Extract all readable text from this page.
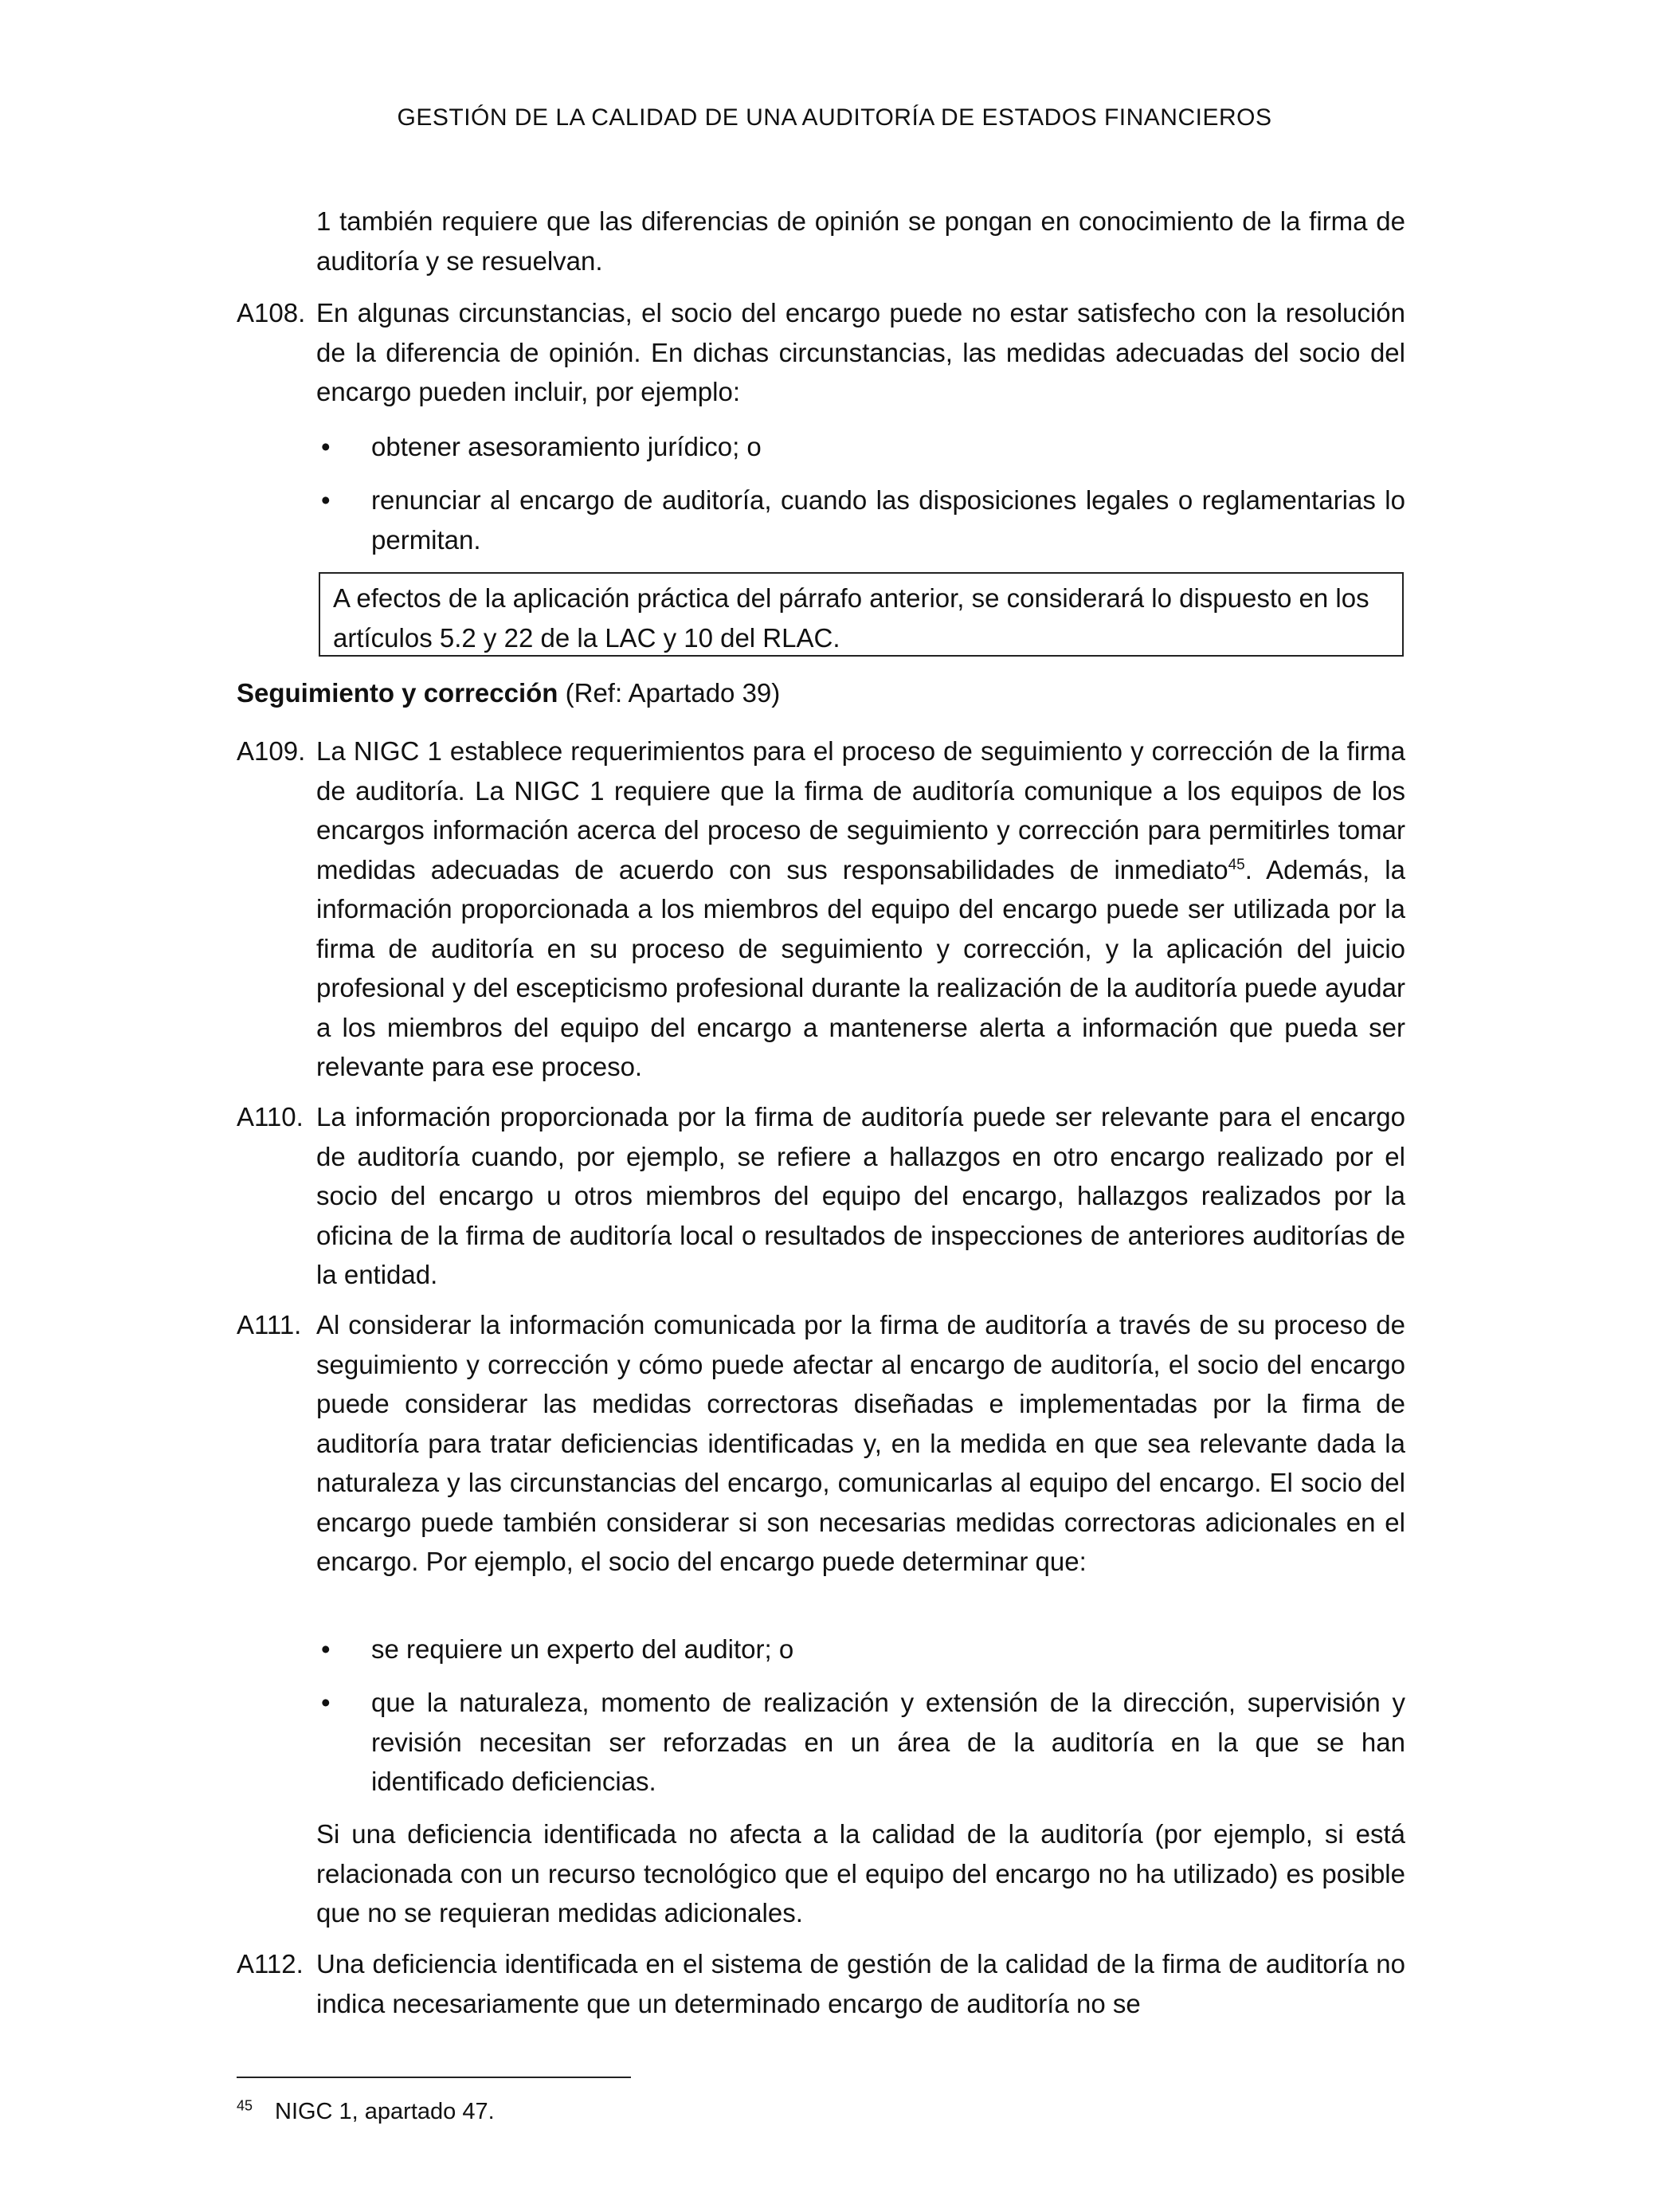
GESTIÓN DE LA CALIDAD DE UNA AUDITORÍA DE ESTADOS FINANCIEROS

1 también requiere que las diferencias de opinión se pongan en conocimiento de la firma de auditoría y se resuelvan.

A108. En algunas circunstancias, el socio del encargo puede no estar satisfecho con la resolución de la diferencia de opinión. En dichas circunstancias, las medidas adecuadas del socio del encargo pueden incluir, por ejemplo:

• obtener asesoramiento jurídico; o

• renunciar al encargo de auditoría, cuando las disposiciones legales o reglamentarias lo permitan.

A efectos de la aplicación práctica del párrafo anterior, se considerará lo dispuesto en los artículos 5.2 y 22 de la LAC y 10 del RLAC.

Seguimiento y corrección (Ref: Apartado 39)

A109. La NIGC 1 establece requerimientos para el proceso de seguimiento y corrección de la firma de auditoría. La NIGC 1 requiere que la firma de auditoría comunique a los equipos de los encargos información acerca del proceso de seguimiento y corrección para permitirles tomar medidas adecuadas de acuerdo con sus responsabilidades de inmediato$^{45}$. Además, la información proporcionada a los miembros del equipo del encargo puede ser utilizada por la firma de auditoría en su proceso de seguimiento y corrección, y la aplicación del juicio profesional y del escepticismo profesional durante la realización de la auditoría puede ayudar a los miembros del equipo del encargo a mantenerse alerta a información que pueda ser relevante para ese proceso.

A110. La información proporcionada por la firma de auditoría puede ser relevante para el encargo de auditoría cuando, por ejemplo, se refiere a hallazgos en otro encargo realizado por el socio del encargo u otros miembros del equipo del encargo, hallazgos realizados por la oficina de la firma de auditoría local o resultados de inspecciones de anteriores auditorías de la entidad.

A111. Al considerar la información comunicada por la firma de auditoría a través de su proceso de seguimiento y corrección y cómo puede afectar al encargo de auditoría, el socio del encargo puede considerar las medidas correctoras diseñadas e implementadas por la firma de auditoría para tratar deficiencias identificadas y, en la medida en que sea relevante dada la naturaleza y las circunstancias del encargo, comunicarlas al equipo del encargo. El socio del encargo puede también considerar si son necesarias medidas correctoras adicionales en el encargo. Por ejemplo, el socio del encargo puede determinar que:

• se requiere un experto del auditor; o

• que la naturaleza, momento de realización y extensión de la dirección, supervisión y revisión necesitan ser reforzadas en un área de la auditoría en la que se han identificado deficiencias.

Si una deficiencia identificada no afecta a la calidad de la auditoría (por ejemplo, si está relacionada con un recurso tecnológico que el equipo del encargo no ha utilizado) es posible que no se requieran medidas adicionales.

A112. Una deficiencia identificada en el sistema de gestión de la calidad de la firma de auditoría no indica necesariamente que un determinado encargo de auditoría no se

$^{45}$ NIGC 1, apartado 47.
